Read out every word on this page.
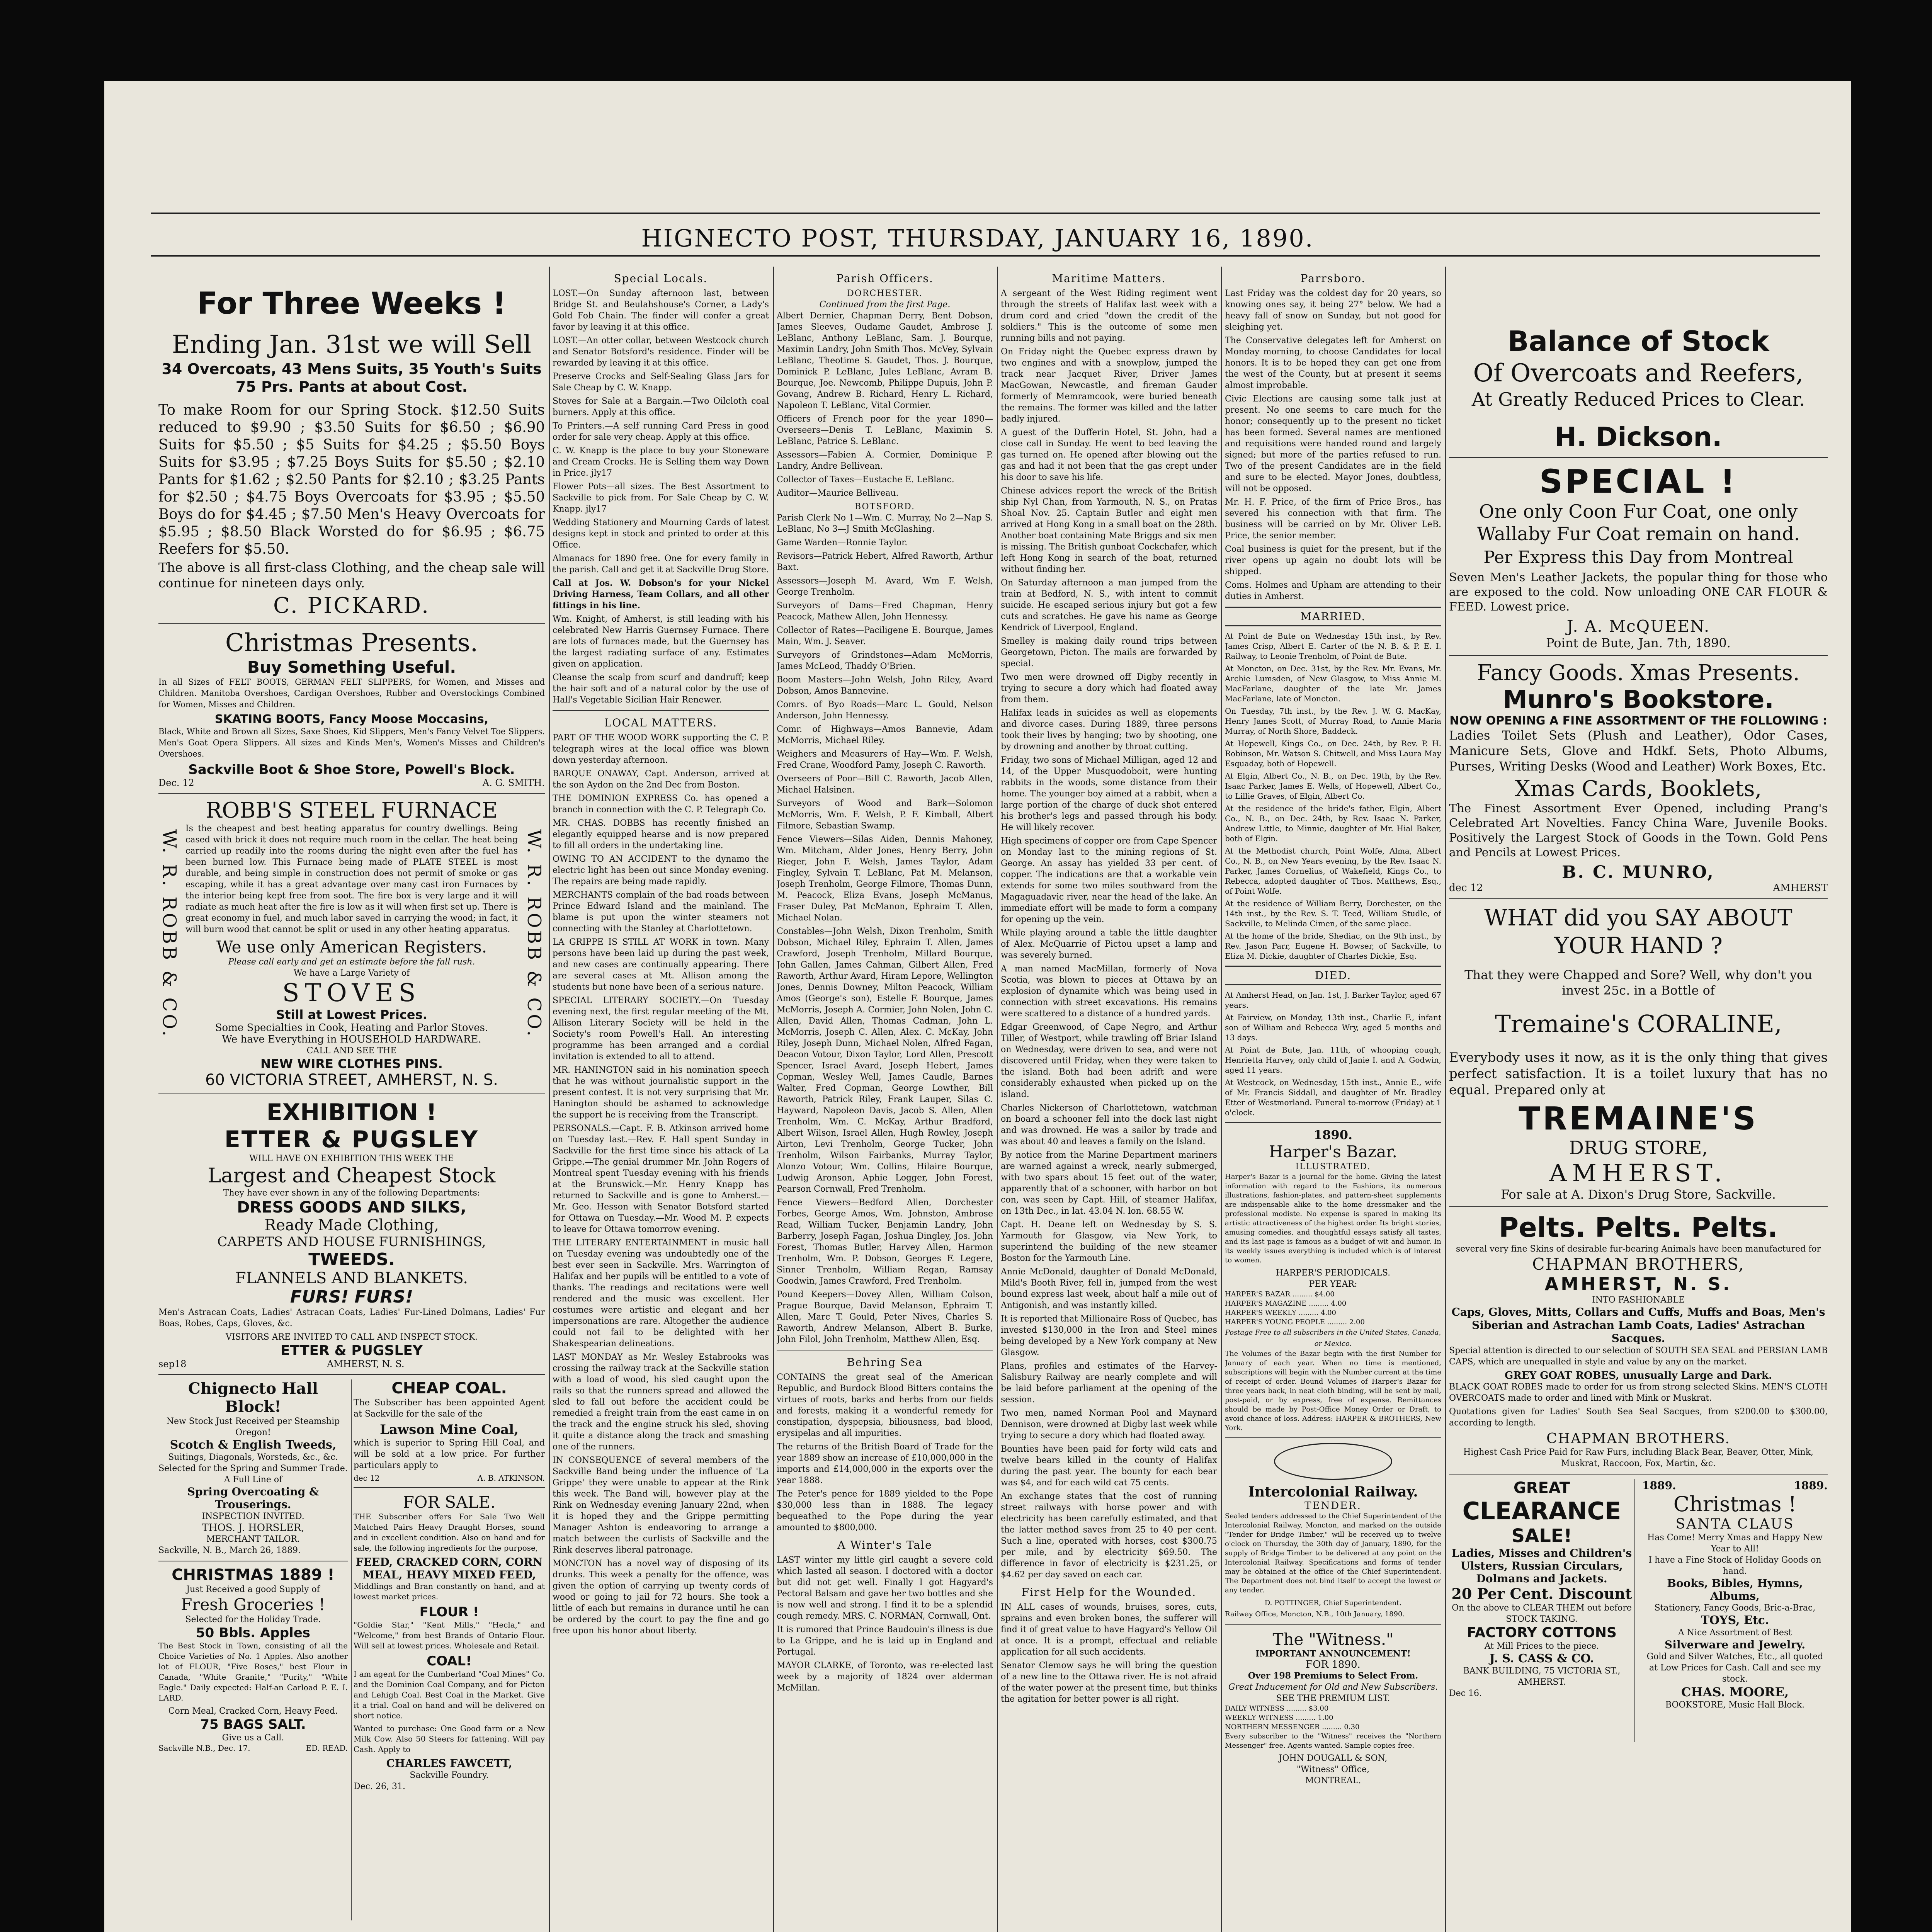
HIGNECTO POST, THURSDAY, JANUARY 16, 1890.
For Three Weeks !
Ending Jan. 31st we will Sell
34 Overcoats, 43 Mens Suits, 35 Youth's Suits
75 Prs. Pants at about Cost.
To make Room for our Spring Stock. $12.50 Suits reduced to $9.90 ; $3.50 Suits for $6.50 ; $6.90 Suits for $5.50 ; $5 Suits for $4.25 ; $5.50 Boys Suits for $3.95 ; $7.25 Boys Suits for $5.50 ; $2.10 Pants for $1.62 ; $2.50 Pants for $2.10 ; $3.25 Pants for $2.50 ; $4.75 Boys Overcoats for $3.95 ; $5.50 Boys do for $4.45 ; $7.50 Men's Heavy Overcoats for $5.95 ; $8.50 Black Worsted do for $6.95 ; $6.75 Reefers for $5.50.
The above is all first-class Clothing, and the cheap sale will continue for nineteen days only.
C. PICKARD.
Christmas Presents.
Buy Something Useful.
In all Sizes of FELT BOOTS, GERMAN FELT SLIPPERS, for Women, and Misses and Children. Manitoba Overshoes, Cardigan Overshoes, Rubber and Overstockings Combined for Women, Misses and Children.
SKATING BOOTS, Fancy Moose Moccasins,
Black, White and Brown all Sizes, Saxe Shoes, Kid Slippers, Men's Fancy Velvet Toe Slippers. Men's Goat Opera Slippers. All sizes and Kinds Men's, Women's Misses and Children's Overshoes.
Sackville Boot & Shoe Store, Powell's Block.
Dec. 12	A. G. SMITH.
ROBB'S STEEL FURNACE
W. R. ROBB & CO.	W. R. ROBB & CO.
Is the cheapest and best heating apparatus for country dwellings. Being cased with brick it does not require much room in the cellar. The heat being carried up readily into the rooms during the night even after the fuel has been burned low. This Furnace being made of PLATE STEEL is most durable, and being simple in construction does not permit of smoke or gas escaping, while it has a great advantage over many cast iron Furnaces by the interior being kept free from soot. The fire box is very large and it will radiate as much heat after the fire is low as it will when first set up. There is great economy in fuel, and much labor saved in carrying the wood; in fact, it will burn wood that cannot be split or used in any other heating apparatus.
We use only American Registers.
Please call early and get an estimate before the fall rush.
We have a Large Variety of
STOVES
Still at Lowest Prices.
Some Specialties in Cook, Heating and Parlor Stoves.
We have Everything in HOUSEHOLD HARDWARE.
CALL AND SEE THE
NEW WIRE CLOTHES PINS.
60 VICTORIA STREET, AMHERST, N. S.
EXHIBITION !
ETTER & PUGSLEY
WILL HAVE ON EXHIBITION THIS WEEK THE
Largest and Cheapest Stock
They have ever shown in any of the following Departments:
DRESS GOODS AND SILKS,
Ready Made Clothing,
CARPETS AND HOUSE FURNISHINGS,
TWEEDS.
FLANNELS AND BLANKETS.
FURS! FURS!
Men's Astracan Coats, Ladies' Astracan Coats, Ladies' Fur-Lined Dolmans, Ladies' Fur Boas, Robes, Caps, Gloves, &c.
VISITORS ARE INVITED TO CALL AND INSPECT STOCK.
ETTER & PUGSLEY
sep18	AMHERST, N. S.
Chignecto Hall Block!
New Stock Just Received per Steamship Oregon!
Scotch & English Tweeds,
Suitings, Diagonals, Worsteds, &c., &c. Selected for the Spring and Summer Trade. A Full Line of
Spring Overcoating & Trouserings.
INSPECTION INVITED.
THOS. J. HORSLER,
MERCHANT TAILOR.
Sackville, N. B., March 26, 1889.
CHRISTMAS 1889 !
Just Received a good Supply of
Fresh Groceries !
Selected for the Holiday Trade.
50 Bbls. Apples
The Best Stock in Town, consisting of all the Choice Varieties of No. 1 Apples. Also another lot of FLOUR, "Five Roses," best Flour in Canada, "White Granite," "Purity," "White Eagle." Daily expected: Half-an Carload P. E. I. LARD.
Corn Meal, Cracked Corn, Heavy Feed.
75 BAGS SALT.
Give us a Call.
Sackville N.B., Dec. 17.	ED. READ.
CHEAP COAL.
The Subscriber has been appointed Agent at Sackville for the sale of the
Lawson Mine Coal,
which is superior to Spring Hill Coal, and will be sold at a low price. For further particulars apply to
dec 12	A. B. ATKINSON.
FOR SALE.
THE Subscriber offers For Sale Two Well Matched Pairs Heavy Draught Horses, sound and in excellent condition. Also on hand and for sale, the following ingredients for the purpose,
FEED, CRACKED CORN, CORN MEAL, HEAVY MIXED FEED,
Middlings and Bran constantly on hand, and at lowest market prices.
FLOUR !
"Goldie Star," "Kent Mills," "Hecla," and "Welcome," from best Brands of Ontario Flour. Will sell at lowest prices. Wholesale and Retail.
COAL!
I am agent for the Cumberland "Coal Mines" Co. and the Dominion Coal Company, and for Picton and Lehigh Coal. Best Coal in the Market. Give it a trial. Coal on hand and will be delivered on short notice.
Wanted to purchase: One Good farm or a New Milk Cow. Also 50 Steers for fattening. Will pay Cash. Apply to
CHARLES FAWCETT,
Sackville Foundry.
Dec. 26, 31.
Special Locals.
LOST.—On Sunday afternoon last, between Bridge St. and Beulahshouse's Corner, a Lady's Gold Fob Chain. The finder will confer a great favor by leaving it at this office.
LOST.—An otter collar, between Westcock church and Senator Botsford's residence. Finder will be rewarded by leaving it at this office.
Preserve Crocks and Self-Sealing Glass Jars for Sale Cheap by C. W. Knapp.
Stoves for Sale at a Bargain.—Two Oilcloth coal burners. Apply at this office.
To Printers.—A self running Card Press in good order for sale very cheap. Apply at this office.
C. W. Knapp is the place to buy your Stoneware and Cream Crocks. He is Selling them way Down in Price. jly17
Flower Pots—all sizes. The Best Assortment to Sackville to pick from. For Sale Cheap by C. W. Knapp. jly17
Wedding Stationery and Mourning Cards of latest designs kept in stock and printed to order at this Office.
Almanacs for 1890 free. One for every family in the parish. Call and get it at Sackville Drug Store.
Call at Jos. W. Dobson's for your Nickel Driving Harness, Team Collars, and all other fittings in his line.
Wm. Knight, of Amherst, is still leading with his celebrated New Harris Guernsey Furnace. There are lots of furnaces made, but the Guernsey has the largest radiating surface of any. Estimates given on application.
Cleanse the scalp from scurf and dandruff; keep the hair soft and of a natural color by the use of Hall's Vegetable Sicilian Hair Renewer.
LOCAL MATTERS.
PART OF THE WOOD WORK supporting the C. P. telegraph wires at the local office was blown down yesterday afternoon.
BARQUE ONAWAY, Capt. Anderson, arrived at the son Aydon on the 2nd Dec from Boston.
THE DOMINION EXPRESS Co. has opened a branch in connection with the C. P. Telegraph Co.
MR. CHAS. DOBBS has recently finished an elegantly equipped hearse and is now prepared to fill all orders in the undertaking line.
OWING TO AN ACCIDENT to the dynamo the electric light has been out since Monday evening. The repairs are being made rapidly.
MERCHANTS complain of the bad roads between Prince Edward Island and the mainland. The blame is put upon the winter steamers not connecting with the Stanley at Charlottetown.
LA GRIPPE IS STILL AT WORK in town. Many persons have been laid up during the past week, and new cases are continually appearing. There are several cases at Mt. Allison among the students but none have been of a serious nature.
SPECIAL LITERARY SOCIETY.—On Tuesday evening next, the first regular meeting of the Mt. Allison Literary Society will be held in the Society's room Powell's Hall. An interesting programme has been arranged and a cordial invitation is extended to all to attend.
MR. HANINGTON said in his nomination speech that he was without journalistic support in the present contest. It is not very surprising that Mr. Hanington should be ashamed to acknowledge the support he is receiving from the Transcript.
PERSONALS.—Capt. F. B. Atkinson arrived home on Tuesday last.—Rev. F. Hall spent Sunday in Sackville for the first time since his attack of La Grippe.—The genial drummer Mr. John Rogers of Montreal spent Tuesday evening with his friends at the Brunswick.—Mr. Henry Knapp has returned to Sackville and is gone to Amherst.—Mr. Geo. Hesson with Senator Botsford started for Ottawa on Tuesday.—Mr. Wood M. P. expects to leave for Ottawa tomorrow evening.
THE LITERARY ENTERTAINMENT in music hall on Tuesday evening was undoubtedly one of the best ever seen in Sackville. Mrs. Warrington of Halifax and her pupils will be entitled to a vote of thanks. The readings and recitations were well rendered and the music was excellent. Her costumes were artistic and elegant and her impersonations are rare. Altogether the audience could not fail to be delighted with her Shakespearian delineations.
LAST MONDAY as Mr. Wesley Estabrooks was crossing the railway track at the Sackville station with a load of wood, his sled caught upon the rails so that the runners spread and allowed the sled to fall out before the accident could be remedied a freight train from the east came in on the track and the engine struck his sled, shoving it quite a distance along the track and smashing one of the runners.
IN CONSEQUENCE of several members of the Sackville Band being under the influence of 'La Grippe' they were unable to appear at the Rink this week. The Band will, however play at the Rink on Wednesday evening January 22nd, when it is hoped they and the Grippe permitting Manager Ashton is endeavoring to arrange a match between the curlists of Sackville and the Rink deserves liberal patronage.
MONCTON has a novel way of disposing of its drunks. This week a penalty for the offence, was given the option of carrying up twenty cords of wood or going to jail for 72 hours. She took a little of each but remains in durance until he can be ordered by the court to pay the fine and go free upon his honor about liberty.
Parish Officers.
DORCHESTER.
Continued from the first Page.
Albert Dernier, Chapman Derry, Bent Dobson, James Sleeves, Oudame Gaudet, Ambrose J. LeBlanc, Anthony LeBlanc, Sam. J. Bourque, Maximin Landry, John Smith Thos. McVey, Sylvain LeBlanc, Theotime S. Gaudet, Thos. J. Bourque, Dominick P. LeBlanc, Jules LeBlanc, Avram B. Bourque, Joe. Newcomb, Philippe Dupuis, John P. Govang, Andrew B. Richard, Henry L. Richard, Napoleon T. LeBlanc, Vital Cormier.
Officers of French poor for the year 1890—Overseers—Denis T. LeBlanc, Maximin S. LeBlanc, Patrice S. LeBlanc.
Assessors—Fabien A. Cormier, Dominique P. Landry, Andre Bellivean.
Collector of Taxes—Eustache E. LeBlanc.
Auditor—Maurice Belliveau.
BOTSFORD.
Parish Clerk No 1—Wm. C. Murray, No 2—Nap S. LeBlanc, No 3—J Smith McGlashing.
Game Warden—Ronnie Taylor.
Revisors—Patrick Hebert, Alfred Raworth, Arthur Baxt.
Assessors—Joseph M. Avard, Wm F. Welsh, George Trenholm.
Surveyors of Dams—Fred Chapman, Henry Peacock, Mathew Allen, John Hennessy.
Collector of Rates—Paciligene E. Bourque, James Main, Wm. J. Seaver.
Surveyors of Grindstones—Adam McMorris, James McLeod, Thaddy O'Brien.
Boom Masters—John Welsh, John Riley, Avard Dobson, Amos Bannevine.
Comrs. of Byo Roads—Marc L. Gould, Nelson Anderson, John Hennessy.
Comr. of Highways—Amos Bannevie, Adam McMorris, Michael Riley.
Weighers and Measurers of Hay—Wm. F. Welsh, Fred Crane, Woodford Pamy, Joseph C. Raworth.
Overseers of Poor—Bill C. Raworth, Jacob Allen, Michael Halsinen.
Surveyors of Wood and Bark—Solomon McMorris, Wm. F. Welsh, P. F. Kimball, Albert Filmore, Sebastian Swamp.
Fence Viewers—Silas Aiden, Dennis Mahoney, Wm. Mitcham, Alder Jones, Henry Berry, John Rieger, John F. Welsh, James Taylor, Adam Fingley, Sylvain T. LeBlanc, Pat M. Melanson, Joseph Trenholm, George Filmore, Thomas Dunn, M. Peacock, Eliza Evans, Joseph McManus, Fraser Duley, Pat McManon, Ephraim T. Allen, Michael Nolan.
Constables—John Welsh, Dixon Trenholm, Smith Dobson, Michael Riley, Ephraim T. Allen, James Crawford, Joseph Trenholm, Millard Bourque, John Gallen, James Cahman, Gilbert Allen, Fred Raworth, Arthur Avard, Hiram Lepore, Wellington Jones, Dennis Downey, Milton Peacock, William Amos (George's son), Estelle F. Bourque, James McMorris, Joseph A. Cormier, John Nolen, John C. Allen, David Allen, Thomas Cadman, John L. McMorris, Joseph C. Allen, Alex. C. McKay, John Riley, Joseph Dunn, Michael Nolen, Alfred Fagan, Deacon Votour, Dixon Taylor, Lord Allen, Prescott Spencer, Israel Avard, Joseph Hebert, James Copman, Wesley Well, James Caudle, Barnes Walter, Fred Copman, George Lowther, Bill Raworth, Patrick Riley, Frank Lauper, Silas C. Hayward, Napoleon Davis, Jacob S. Allen, Allen Trenholm, Wm. C. McKay, Arthur Bradford, Albert Wilson, Israel Allen, Hugh Rowley, Joseph Airton, Levi Trenholm, George Tucker, John Trenholm, Wilson Fairbanks, Murray Taylor, Alonzo Votour, Wm. Collins, Hilaire Bourque, Ludwig Aronson, Aphie Logger, John Forest, Pearson Cornwall, Fred Trenholm.
Fence Viewers—Bedford Allen, Dorchester Forbes, George Amos, Wm. Johnston, Ambrose Read, William Tucker, Benjamin Landry, John Barberry, Joseph Fagan, Joshua Dingley, Jos. John Forest, Thomas Butler, Harvey Allen, Harmon Trenholm, Wm. P. Dobson, Georges F. Legere, Sinner Trenholm, William Regan, Ramsay Goodwin, James Crawford, Fred Trenholm.
Pound Keepers—Dovey Allen, William Colson, Prague Bourque, David Melanson, Ephraim T. Allen, Marc T. Gould, Peter Nives, Charles S. Raworth, Andrew Melanson, Albert B. Burke, John Filol, John Trenholm, Matthew Allen, Esq.
Behring Sea
CONTAINS the great seal of the American Republic, and Burdock Blood Bitters contains the virtues of roots, barks and herbs from our fields and forests, making it a wonderful remedy for constipation, dyspepsia, biliousness, bad blood, erysipelas and all impurities.
The returns of the British Board of Trade for the year 1889 show an increase of £10,000,000 in the imports and £14,000,000 in the exports over the year 1888.
The Peter's pence for 1889 yielded to the Pope $30,000 less than in 1888. The legacy bequeathed to the Pope during the year amounted to $800,000.
A Winter's Tale
LAST winter my little girl caught a severe cold which lasted all season. I doctored with a doctor but did not get well. Finally I got Hagyard's Pectoral Balsam and gave her two bottles and she is now well and strong. I find it to be a splendid cough remedy. MRS. C. NORMAN, Cornwall, Ont.
It is rumored that Prince Baudouin's illness is due to La Grippe, and he is laid up in England and Portugal.
MAYOR CLARKE, of Toronto, was re-elected last week by a majority of 1824 over alderman McMillan.
Maritime Matters.
A sergeant of the West Riding regiment went through the streets of Halifax last week with a drum cord and cried "down the credit of the soldiers." This is the outcome of some men running bills and not paying.
On Friday night the Quebec express drawn by two engines and with a snowplow, jumped the track near Jacquet River, Driver James MacGowan, Newcastle, and fireman Gauder formerly of Memramcook, were buried beneath the remains. The former was killed and the latter badly injured.
A guest of the Dufferin Hotel, St. John, had a close call in Sunday. He went to bed leaving the gas turned on. He opened after blowing out the gas and had it not been that the gas crept under his door to save his life.
Chinese advices report the wreck of the British ship Nyl Chan, from Yarmouth, N. S., on Pratas Shoal Nov. 25. Captain Butler and eight men arrived at Hong Kong in a small boat on the 28th. Another boat containing Mate Briggs and six men is missing. The British gunboat Cockchafer, which left Hong Kong in search of the boat, returned without finding her.
On Saturday afternoon a man jumped from the train at Bedford, N. S., with intent to commit suicide. He escaped serious injury but got a few cuts and scratches. He gave his name as George Kendrick of Liverpool, England.
Smelley is making daily round trips between Georgetown, Picton. The mails are forwarded by special.
Two men were drowned off Digby recently in trying to secure a dory which had floated away from them.
Halifax leads in suicides as well as elopements and divorce cases. During 1889, three persons took their lives by hanging; two by shooting, one by drowning and another by throat cutting.
Friday, two sons of Michael Milligan, aged 12 and 14, of the Upper Musquodoboit, were hunting rabbits in the woods, some distance from their home. The younger boy aimed at a rabbit, when a large portion of the charge of duck shot entered his brother's legs and passed through his body. He will likely recover.
High specimens of copper ore from Cape Spencer on Monday last to the mining regions of St. George. An assay has yielded 33 per cent. of copper. The indications are that a workable vein extends for some two miles southward from the Magaguadavic river, near the head of the lake. An immediate effort will be made to form a company for opening up the vein.
While playing around a table the little daughter of Alex. McQuarrie of Pictou upset a lamp and was severely burned.
A man named MacMillan, formerly of Nova Scotia, was blown to pieces at Ottawa by an explosion of dynamite which was being used in connection with street excavations. His remains were scattered to a distance of a hundred yards.
Edgar Greenwood, of Cape Negro, and Arthur Tiller, of Westport, while trawling off Briar Island on Wednesday, were driven to sea, and were not discovered until Friday, when they were taken to the island. Both had been adrift and were considerably exhausted when picked up on the island.
Charles Nickerson of Charlottetown, watchman on board a schooner fell into the dock last night and was drowned. He was a sailor by trade and was about 40 and leaves a family on the Island.
By notice from the Marine Department mariners are warned against a wreck, nearly submerged, with two spars about 15 feet out of the water, apparently that of a schooner, with harbor on bot con, was seen by Capt. Hill, of steamer Halifax, on 13th Dec., in lat. 43.04 N. lon. 68.55 W.
Capt. H. Deane left on Wednesday by S. S. Yarmouth for Glasgow, via New York, to superintend the building of the new steamer Boston for the Yarmouth Line.
Annie McDonald, daughter of Donald McDonald, Mild's Booth River, fell in, jumped from the west bound express last week, about half a mile out of Antigonish, and was instantly killed.
It is reported that Millionaire Ross of Quebec, has invested $130,000 in the Iron and Steel mines being developed by a New York company at New Glasgow.
Plans, profiles and estimates of the Harvey-Salisbury Railway are nearly complete and will be laid before parliament at the opening of the session.
Two men, named Norman Pool and Maynard Dennison, were drowned at Digby last week while trying to secure a dory which had floated away.
Bounties have been paid for forty wild cats and twelve bears killed in the county of Halifax during the past year. The bounty for each bear was $4, and for each wild cat 75 cents.
An exchange states that the cost of running street railways with horse power and with electricity has been carefully estimated, and that the latter method saves from 25 to 40 per cent. Such a line, operated with horses, cost $300.75 per mile, and by electricity $69.50. The difference in favor of electricity is $231.25, or $4.62 per day saved on each car.
First Help for the Wounded.
IN ALL cases of wounds, bruises, sores, cuts, sprains and even broken bones, the sufferer will find it of great value to have Hagyard's Yellow Oil at once. It is a prompt, effectual and reliable application for all such accidents.
Senator Clemow says he will bring the question of a new line to the Ottawa river. He is not afraid of the water power at the present time, but thinks the agitation for better power is all right.
Parrsboro.
Last Friday was the coldest day for 20 years, so knowing ones say, it being 27° below. We had a heavy fall of snow on Sunday, but not good for sleighing yet.
The Conservative delegates left for Amherst on Monday morning, to choose Candidates for local honors. It is to be hoped they can get one from the west of the County, but at present it seems almost improbable.
Civic Elections are causing some talk just at present. No one seems to care much for the honor; consequently up to the present no ticket has been formed. Several names are mentioned and requisitions were handed round and largely signed; but more of the parties refused to run. Two of the present Candidates are in the field and sure to be elected. Mayor Jones, doubtless, will not be opposed.
Mr. H. F. Price, of the firm of Price Bros., has severed his connection with that firm. The business will be carried on by Mr. Oliver LeB. Price, the senior member.
Coal business is quiet for the present, but if the river opens up again no doubt lots will be shipped.
Coms. Holmes and Upham are attending to their duties in Amherst.
MARRIED.
At Point de Bute on Wednesday 15th inst., by Rev. James Crisp, Albert E. Carter of the N. B. & P. E. I. Railway, to Leonie Trenholm, of Point de Bute.
At Moncton, on Dec. 31st, by the Rev. Mr. Evans, Mr. Archie Lumsden, of New Glasgow, to Miss Annie M. MacFarlane, daughter of the late Mr. James MacFarlane, late of Moncton.
On Tuesday, 7th inst., by the Rev. J. W. G. MacKay, Henry James Scott, of Murray Road, to Annie Maria Murray, of North Shore, Baddeck.
At Hopewell, Kings Co., on Dec. 24th, by Rev. P. H. Robinson, Mr. Watson S. Chitwell, and Miss Laura May Esquaday, both of Hopewell.
At Elgin, Albert Co., N. B., on Dec. 19th, by the Rev. Isaac Parker, James E. Wells, of Hopewell, Albert Co., to Lillie Graves, of Elgin, Albert Co.
At the residence of the bride's father, Elgin, Albert Co., N. B., on Dec. 24th, by Rev. Isaac N. Parker, Andrew Little, to Minnie, daughter of Mr. Hial Baker, both of Elgin.
At the Methodist church, Point Wolfe, Alma, Albert Co., N. B., on New Years evening, by the Rev. Isaac N. Parker, James Cornelius, of Wakefield, Kings Co., to Rebecca, adopted daughter of Thos. Matthews, Esq., of Point Wolfe.
At the residence of William Berry, Dorchester, on the 14th inst., by the Rev. S. T. Teed, William Studle, of Sackville, to Melinda Cimen, of the same place.
At the home of the bride, Shediac, on the 9th inst., by Rev. Jason Parr, Eugene H. Bowser, of Sackville, to Eliza M. Dickie, daughter of Charles Dickie, Esq.
DIED.
At Amherst Head, on Jan. 1st, J. Barker Taylor, aged 67 years.
At Fairview, on Monday, 13th inst., Charlie F., infant son of William and Rebecca Wry, aged 5 months and 13 days.
At Point de Bute, Jan. 11th, of whooping cough, Henrietta Harvey, only child of Janie I. and A. Godwin, aged 11 years.
At Westcock, on Wednesday, 15th inst., Annie E., wife of Mr. Francis Siddall, and daughter of Mr. Bradley Etter of Westmorland. Funeral to-morrow (Friday) at 1 o'clock.
1890.
Harper's Bazar.
ILLUSTRATED.
Harper's Bazar is a journal for the home. Giving the latest information with regard to the Fashions, its numerous illustrations, fashion-plates, and pattern-sheet supplements are indispensable alike to the home dressmaker and the professional modiste. No expense is spared in making its artistic attractiveness of the highest order. Its bright stories, amusing comedies, and thoughtful essays satisfy all tastes, and its last page is famous as a budget of wit and humor. In its weekly issues everything is included which is of interest to women.
HARPER'S PERIODICALS.
PER YEAR:
HARPER'S BAZAR ......... $4.00
HARPER'S MAGAZINE ......... 4.00
HARPER'S WEEKLY ......... 4.00
HARPER'S YOUNG PEOPLE ......... 2.00
Postage Free to all subscribers in the United States, Canada, or Mexico.
The Volumes of the Bazar begin with the first Number for January of each year. When no time is mentioned, subscriptions will begin with the Number current at the time of receipt of order. Bound Volumes of Harper's Bazar for three years back, in neat cloth binding, will be sent by mail, post-paid, or by express, free of expense. Remittances should be made by Post-Office Money Order or Draft, to avoid chance of loss. Address: HARPER & BROTHERS, New York.
Intercolonial Railway.
TENDER.
Sealed tenders addressed to the Chief Superintendent of the Intercolonial Railway, Moncton, and marked on the outside "Tender for Bridge Timber," will be received up to twelve o'clock on Thursday, the 30th day of January, 1890, for the supply of Bridge Timber to be delivered at any point on the Intercolonial Railway. Specifications and forms of tender may be obtained at the office of the Chief Superintendent. The Department does not bind itself to accept the lowest or any tender.
D. POTTINGER, Chief Superintendent.
Railway Office, Moncton, N.B., 10th January, 1890.
The "Witness."
IMPORTANT ANNOUNCEMENT!
FOR 1890.
Over 198 Premiums to Select From.
Great Inducement for Old and New Subscribers.
SEE THE PREMIUM LIST.
DAILY WITNESS ......... $3.00
WEEKLY WITNESS ......... 1.00
NORTHERN MESSENGER ......... 0.30
Every subscriber to the "Witness" receives the "Northern Messenger" free. Agents wanted. Sample copies free.
JOHN DOUGALL & SON,
"Witness" Office,
MONTREAL.
Balance of Stock
Of Overcoats and Reefers,
At Greatly Reduced Prices to Clear.
H. Dickson.
SPECIAL !
One only Coon Fur Coat, one only Wallaby Fur Coat remain on hand.
Per Express this Day from Montreal
Seven Men's Leather Jackets, the popular thing for those who are exposed to the cold. Now unloading ONE CAR FLOUR & FEED. Lowest price.
J. A. McQUEEN.
Point de Bute, Jan. 7th, 1890.
Fancy Goods. Xmas Presents.
Munro's Bookstore.
NOW OPENING A FINE ASSORTMENT OF THE FOLLOWING :
Ladies Toilet Sets (Plush and Leather), Odor Cases, Manicure Sets, Glove and Hdkf. Sets, Photo Albums, Purses, Writing Desks (Wood and Leather) Work Boxes, Etc.
Xmas Cards, Booklets,
The Finest Assortment Ever Opened, including Prang's Celebrated Art Novelties. Fancy China Ware, Juvenile Books. Positively the Largest Stock of Goods in the Town. Gold Pens and Pencils at Lowest Prices.
B. C. MUNRO,
dec 12	AMHERST
WHAT did you SAY ABOUT YOUR HAND ?
That they were Chapped and Sore? Well, why don't you invest 25c. in a Bottle of
Tremaine's CORALINE,
Everybody uses it now, as it is the only thing that gives perfect satisfaction. It is a toilet luxury that has no equal. Prepared only at
TREMAINE'S
DRUG STORE,
AMHERST.
For sale at A. Dixon's Drug Store, Sackville.
Pelts. Pelts. Pelts.
several very fine Skins of desirable fur-bearing Animals have been manufactured for
CHAPMAN BROTHERS,
AMHERST, N. S.
INTO FASHIONABLE
Caps, Gloves, Mitts, Collars and Cuffs, Muffs and Boas, Men's Siberian and Astrachan Lamb Coats, Ladies' Astrachan Sacques.
Special attention is directed to our selection of SOUTH SEA SEAL and PERSIAN LAMB CAPS, which are unequalled in style and value by any on the market.
GREY GOAT ROBES, unusually Large and Dark.
BLACK GOAT ROBES made to order for us from strong selected Skins. MEN'S CLOTH OVERCOATS made to order and lined with Mink or Muskrat.
Quotations given for Ladies' South Sea Seal Sacques, from $200.00 to $300.00, according to length.
CHAPMAN BROTHERS.
Highest Cash Price Paid for Raw Furs, including Black Bear, Beaver, Otter, Mink, Muskrat, Raccoon, Fox, Martin, &c.
GREAT
CLEARANCE
SALE!
Ladies, Misses and Children's Ulsters, Russian Circulars, Dolmans and Jackets.
20 Per Cent. Discount
On the above to CLEAR THEM out before STOCK TAKING.
FACTORY COTTONS
At Mill Prices to the piece.
J. S. CASS & CO.
BANK BUILDING, 75 VICTORIA ST., AMHERST.
Dec 16.
1889.	1889.
Christmas !
SANTA CLAUS
Has Come! Merry Xmas and Happy New Year to All!
I have a Fine Stock of Holiday Goods on hand.
Books, Bibles, Hymns, Albums,
Stationery, Fancy Goods, Bric-a-Brac,
TOYS, Etc.
A Nice Assortment of Best
Silverware and Jewelry.
Gold and Silver Watches, Etc., all quoted at Low Prices for Cash. Call and see my stock.
CHAS. MOORE,
BOOKSTORE, Music Hall Block.
